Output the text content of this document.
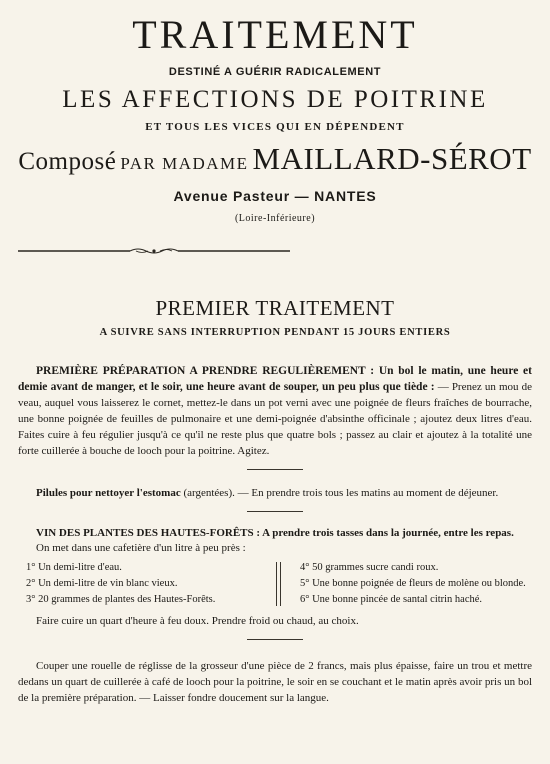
TRAITEMENT
DESTINÉ A GUÉRIR RADICALEMENT
LES AFFECTIONS DE POITRINE
ET TOUS LES VICES QUI EN DÉPENDENT
Composé PAR MADAME MAILLARD-SÉROT
Avenue Pasteur — NANTES
(Loire-Inférieure)
PREMIER TRAITEMENT
A SUIVRE SANS INTERRUPTION PENDANT 15 JOURS ENTIERS

PREMIÈRE PRÉPARATION A PRENDRE REGULIÈREMENT : Un bol le matin, une heure et demie avant de manger, et le soir, une heure avant de souper, un peu plus que tiède : — Prenez un mou de veau, auquel vous laisserez le cornet, mettez-le dans un pot verni avec une poignée de fleurs fraîches de bourrache, une bonne poignée de feuilles de pulmonaire et une demi-poignée d'absinthe officinale ; ajoutez deux litres d'eau. Faites cuire à feu régulier jusqu'à ce qu'il ne reste plus que quatre bols ; passez au clair et ajoutez à la totalité une forte cuillerée à bouche de looch pour la poitrine. Agitez.

Pilules pour nettoyer l'estomac (argentées). — En prendre trois tous les matins au moment de déjeuner.

VIN DES PLANTES DES HAUTES-FORÊTS : A prendre trois tasses dans la journée, entre les repas.

On met dans une cafetière d'un litre à peu près :

1° Un demi-litre d'eau.
2° Un demi-litre de vin blanc vieux.
3° 20 grammes de plantes des Hautes-Forêts.
4° 50 grammes sucre candi roux.
5° Une bonne poignée de fleurs de molène ou blonde.
6° Une bonne pincée de santal citrin haché.

Faire cuire un quart d'heure à feu doux. Prendre froid ou chaud, au choix.

Couper une rouelle de réglisse de la grosseur d'une pièce de 2 francs, mais plus épaisse, faire un trou et mettre dedans un quart de cuillerée à café de looch pour la poitrine, le soir en se couchant et le matin après avoir pris un bol de la première préparation. — Laisser fondre doucement sur la langue.
